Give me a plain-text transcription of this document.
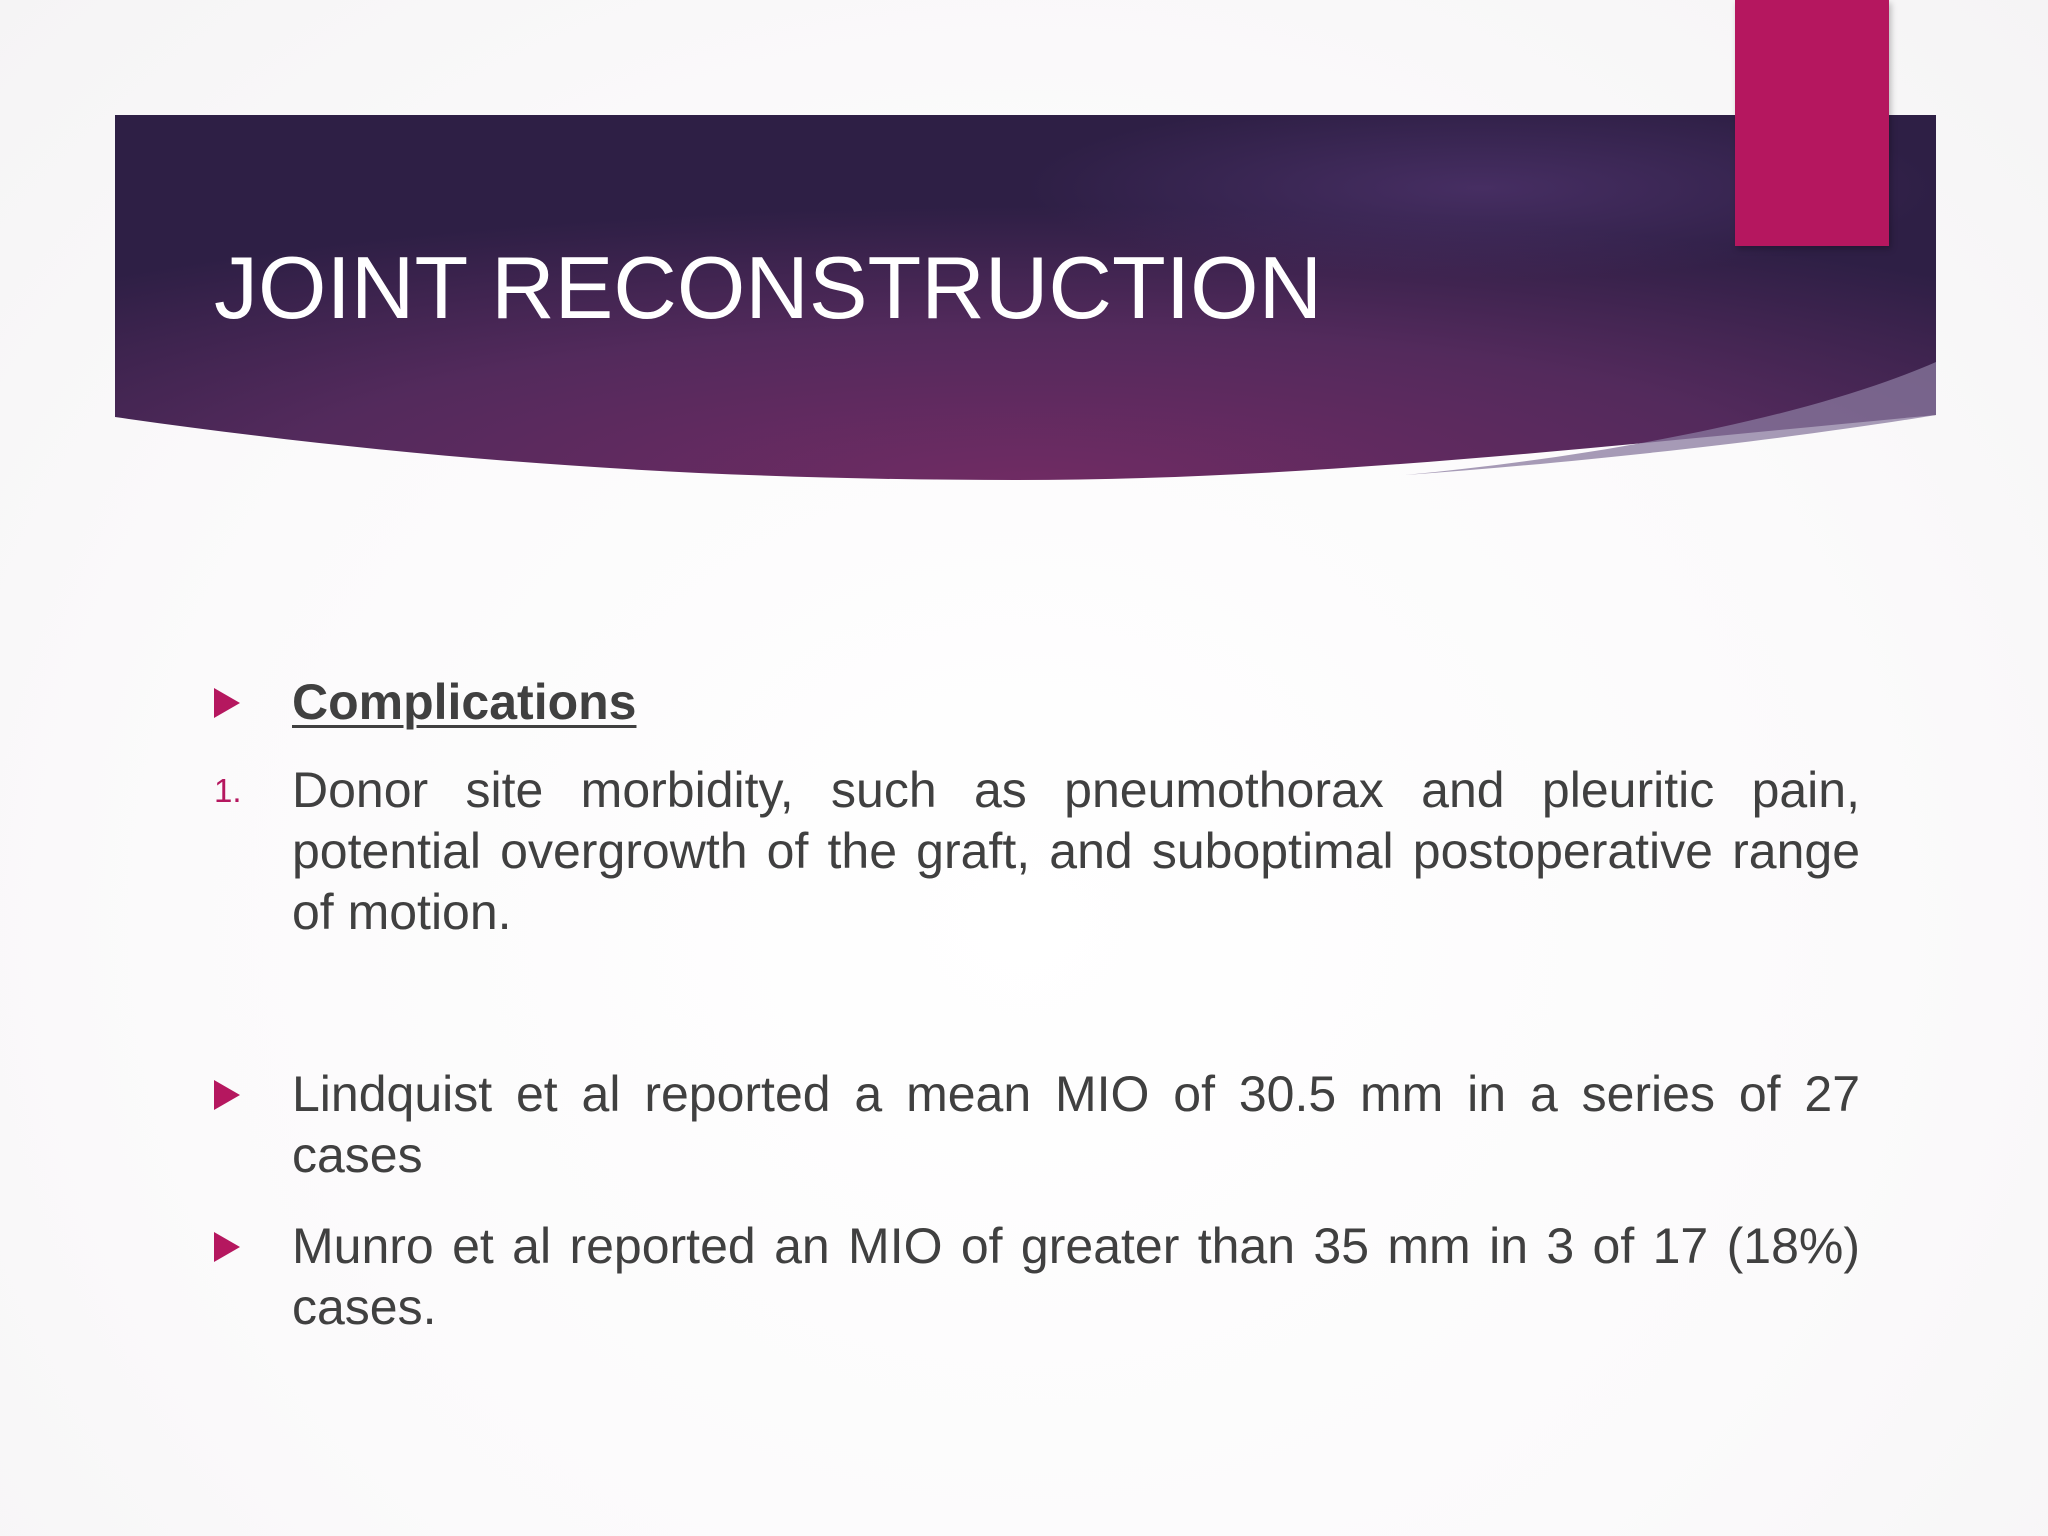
JOINT RECONSTRUCTION
Complications
1. Donor site morbidity, such as pneumothorax and pleuritic pain, potential overgrowth of the graft, and suboptimal postoperative range of motion.
Lindquist et al reported a mean MIO of 30.5 mm in a series of 27 cases
Munro et al reported an MIO of greater than 35 mm in 3 of 17 (18%) cases.
